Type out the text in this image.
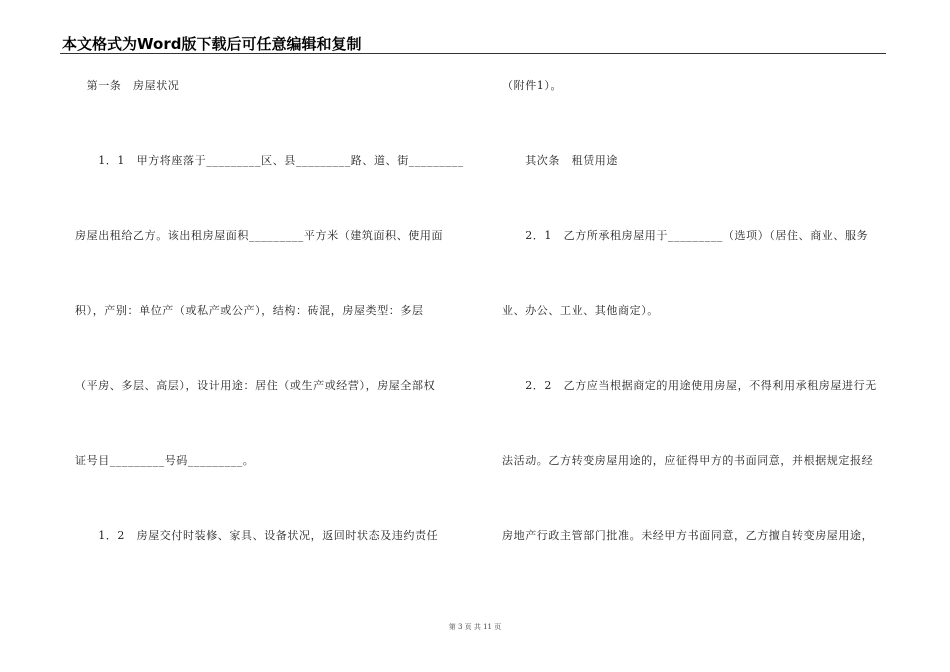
本文格式为Word版下载后可任意编辑和复制
　第一条　房屋状况
　　1．1　甲方将座落于_________区、县_________路、道、街_________
房屋出租给乙方。该出租房屋面积_________平方米（建筑面积、使用面
积），产别：单位产（或私产或公产），结构：砖混，房屋类型：多层
（平房、多层、高层），设计用途：居住（或生产或经营），房屋全部权
证号目_________号码_________。
　　1．2　房屋交付时装修、家具、设备状况，返回时状态及违约责任
（附件1）。
　　其次条　租赁用途
　　2．1　乙方所承租房屋用于_________（选项）（居住、商业、服务
业、办公、工业、其他商定）。
　　2．2　乙方应当根据商定的用途使用房屋，不得利用承租房屋进行无
法活动。乙方转变房屋用途的，应征得甲方的书面同意，并根据规定报经
房地产行政主管部门批准。未经甲方书面同意，乙方擅自转变房屋用途，
第 3 页 共 11 页
